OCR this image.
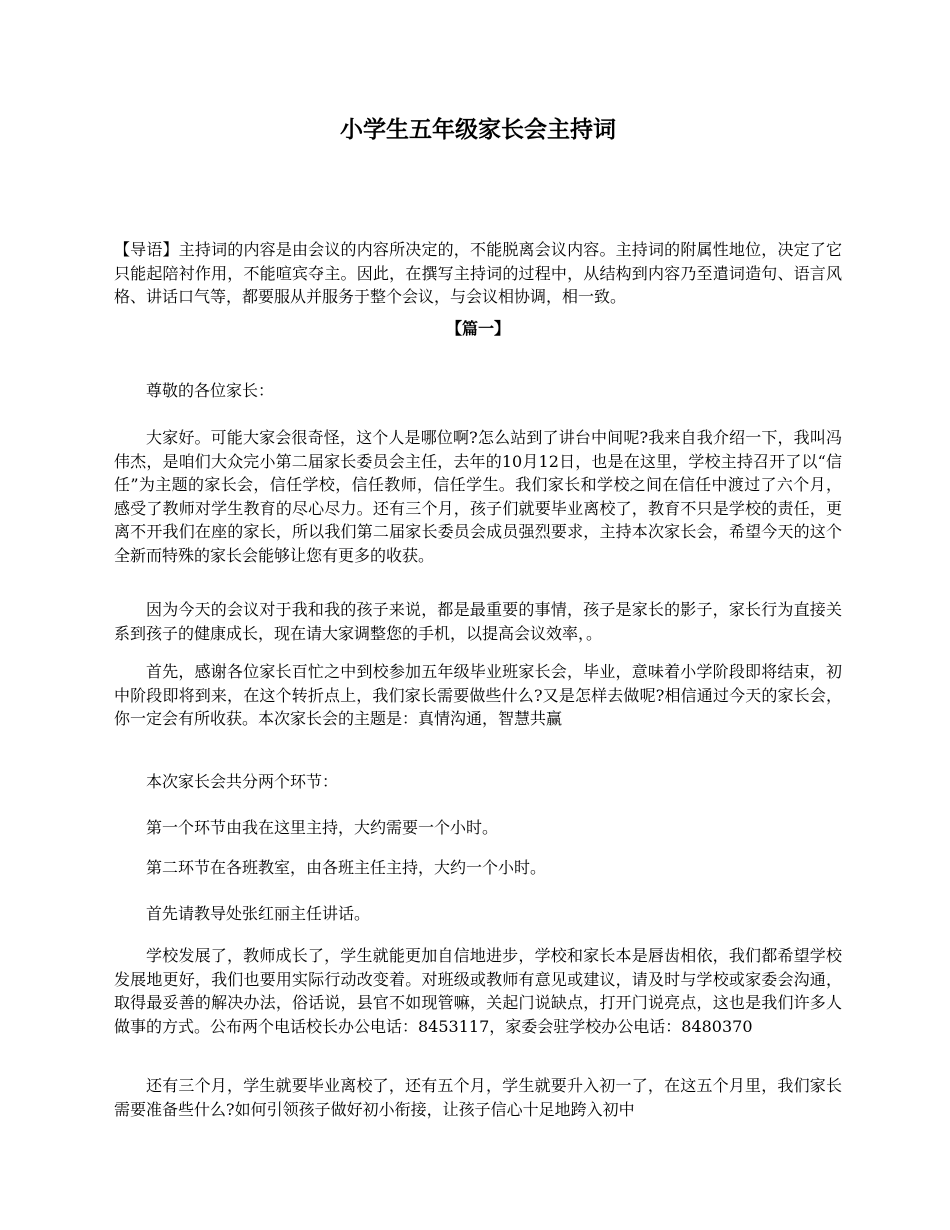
小学生五年级家长会主持词

【导语】主持词的内容是由会议的内容所决定的，不能脱离会议内容。主持词的附属性地位，决定了它只能起陪衬作用，不能喧宾夺主。因此，在撰写主持词的过程中，从结构到内容乃至遣词造句、语言风格、讲话口气等，都要服从并服务于整个会议，与会议相协调，相一致。

【篇一】

尊敬的各位家长：

大家好。可能大家会很奇怪，这个人是哪位啊?怎么站到了讲台中间呢?我来自我介绍一下，我叫冯伟杰，是咱们大众完小第二届家长委员会主任，去年的10月12日，也是在这里，学校主持召开了以“信任”为主题的家长会，信任学校，信任教师，信任学生。我们家长和学校之间在信任中渡过了六个月，感受了教师对学生教育的尽心尽力。还有三个月，孩子们就要毕业离校了，教育不只是学校的责任，更离不开我们在座的家长，所以我们第二届家长委员会成员强烈要求，主持本次家长会，希望今天的这个全新而特殊的家长会能够让您有更多的收获。

因为今天的会议对于我和我的孩子来说，都是最重要的事情，孩子是家长的影子，家长行为直接关系到孩子的健康成长，现在请大家调整您的手机，以提高会议效率，。

首先，感谢各位家长百忙之中到校参加五年级毕业班家长会，毕业，意味着小学阶段即将结束，初中阶段即将到来，在这个转折点上，我们家长需要做些什么?又是怎样去做呢?相信通过今天的家长会，你一定会有所收获。本次家长会的主题是：真情沟通，智慧共赢

本次家长会共分两个环节：

第一个环节由我在这里主持，大约需要一个小时。

第二环节在各班教室，由各班主任主持，大约一个小时。

首先请教导处张红丽主任讲话。

学校发展了，教师成长了，学生就能更加自信地进步，学校和家长本是唇齿相依，我们都希望学校发展地更好，我们也要用实际行动改变着。对班级或教师有意见或建议，请及时与学校或家委会沟通，取得最妥善的解决办法，俗话说，县官不如现管嘛，关起门说缺点，打开门说亮点，这也是我们许多人做事的方式。公布两个电话校长办公电话：8453117，家委会驻学校办公电话：8480370

还有三个月，学生就要毕业离校了，还有五个月，学生就要升入初一了，在这五个月里，我们家长需要准备些什么?如何引领孩子做好初小衔接，让孩子信心十足地跨入初中
